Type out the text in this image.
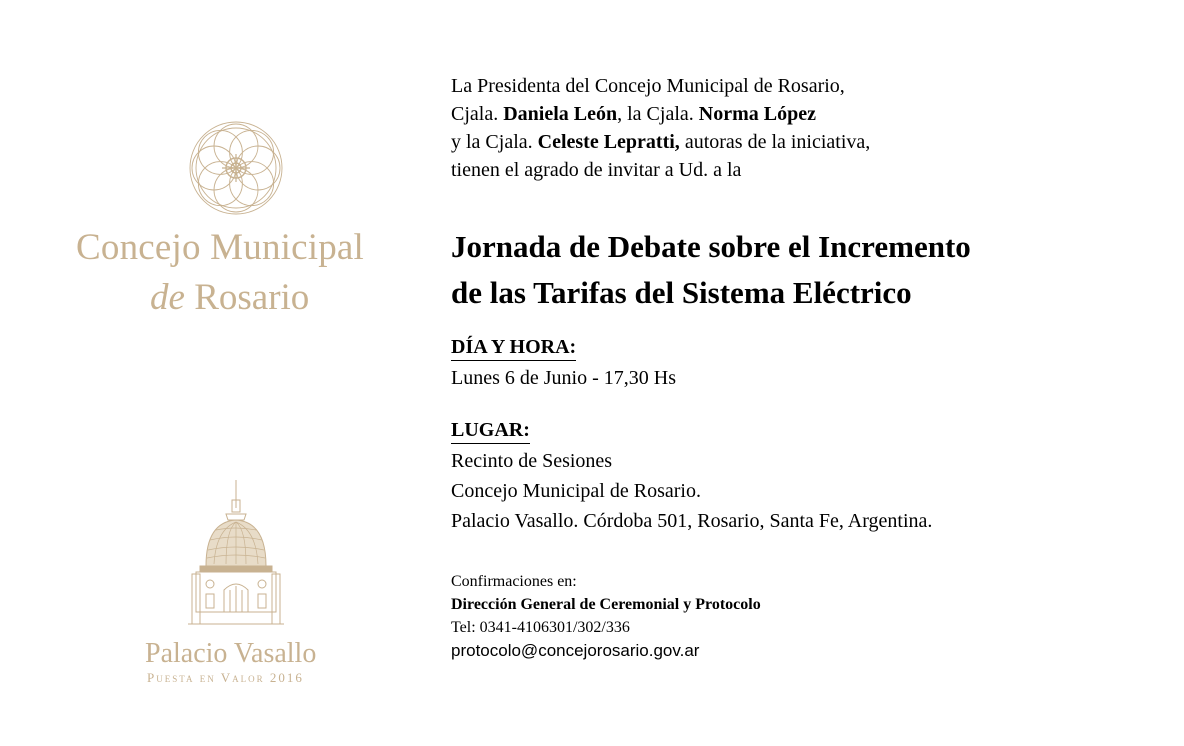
Concejo Municipal
de Rosario
Palacio Vasallo
Puesta en Valor 2016
La Presidenta del Concejo Municipal de Rosario,
Cjala. Daniela León, la Cjala. Norma López
y la Cjala. Celeste Lepratti, autoras de la iniciativa,
tienen el agrado de invitar a Ud. a la
Jornada de Debate sobre el Incremento
de las Tarifas del Sistema Eléctrico
DÍA Y HORA:
Lunes 6 de Junio - 17,30 Hs
LUGAR:
Recinto de Sesiones
Concejo Municipal de Rosario.
Palacio Vasallo. Córdoba 501, Rosario, Santa Fe, Argentina.
Confirmaciones en:
Dirección General de Ceremonial y Protocolo
Tel: 0341-4106301/302/336
protocolo@concejorosario.gov.ar
